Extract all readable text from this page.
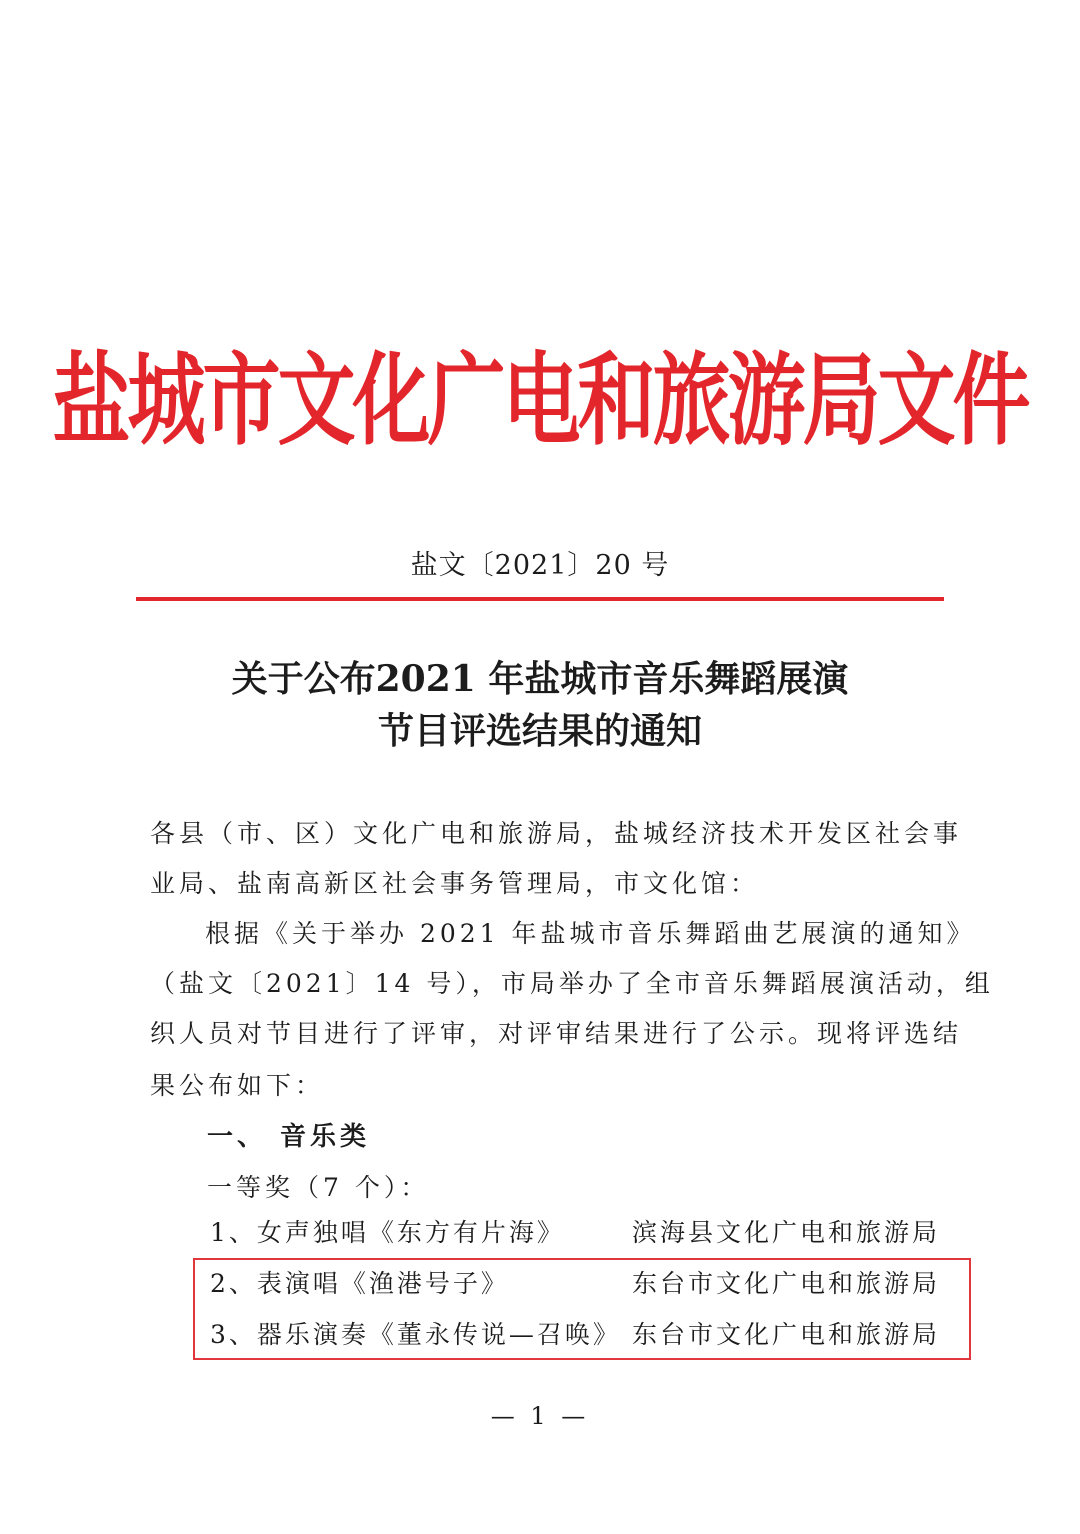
盐城市文化广电和旅游局文件
盐文〔2021〕20 号
关于公布2021 年盐城市音乐舞蹈展演
节目评选结果的通知
各县（市、区）文化广电和旅游局，盐城经济技术开发区社会事
业局、盐南高新区社会事务管理局，市文化馆：
根据《关于举办 2021 年盐城市音乐舞蹈曲艺展演的通知》
（盐文〔2021〕14 号），市局举办了全市音乐舞蹈展演活动，组
织人员对节目进行了评审，对评审结果进行了公示。现将评选结
果公布如下：
一、 音乐类
一等奖（7 个）：
1、女声独唱《东方有片海》	滨海县文化广电和旅游局
2、表演唱《渔港号子》	东台市文化广电和旅游局
3、器乐演奏《董永传说—召唤》 东台市文化广电和旅游局
— 1 —
